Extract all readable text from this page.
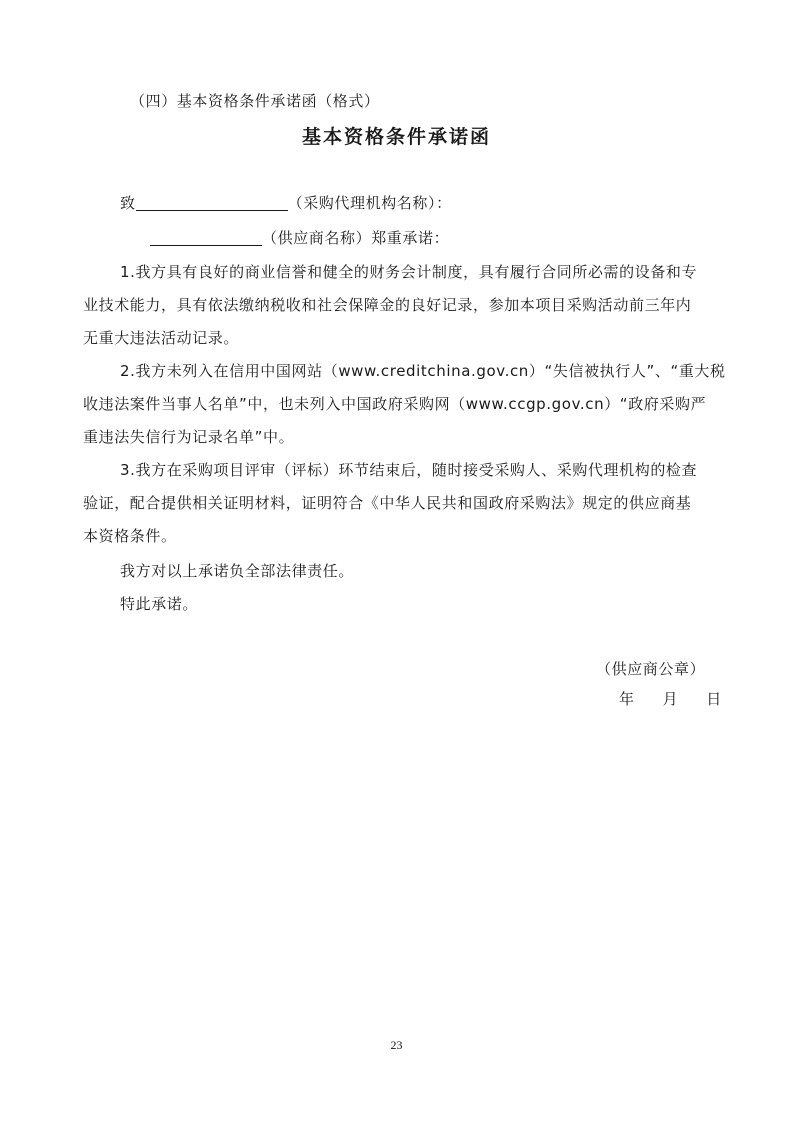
（四）基本资格条件承诺函（格式）
基本资格条件承诺函
致	（采购代理机构名称）：
（供应商名称）郑重承诺：
1.我方具有良好的商业信誉和健全的财务会计制度，具有履行合同所必需的设备和专
业技术能力，具有依法缴纳税收和社会保障金的良好记录，参加本项目采购活动前三年内
无重大违法活动记录。
2.我方未列入在信用中国网站（www.creditchina.gov.cn）“失信被执行人”、“重大税
收违法案件当事人名单”中，也未列入中国政府采购网（www.ccgp.gov.cn）“政府采购严
重违法失信行为记录名单”中。
3.我方在采购项目评审（评标）环节结束后，随时接受采购人、采购代理机构的检查
验证，配合提供相关证明材料，证明符合《中华人民共和国政府采购法》规定的供应商基
本资格条件。
我方对以上承诺负全部法律责任。
特此承诺。
（供应商公章）
年 月 日
23
